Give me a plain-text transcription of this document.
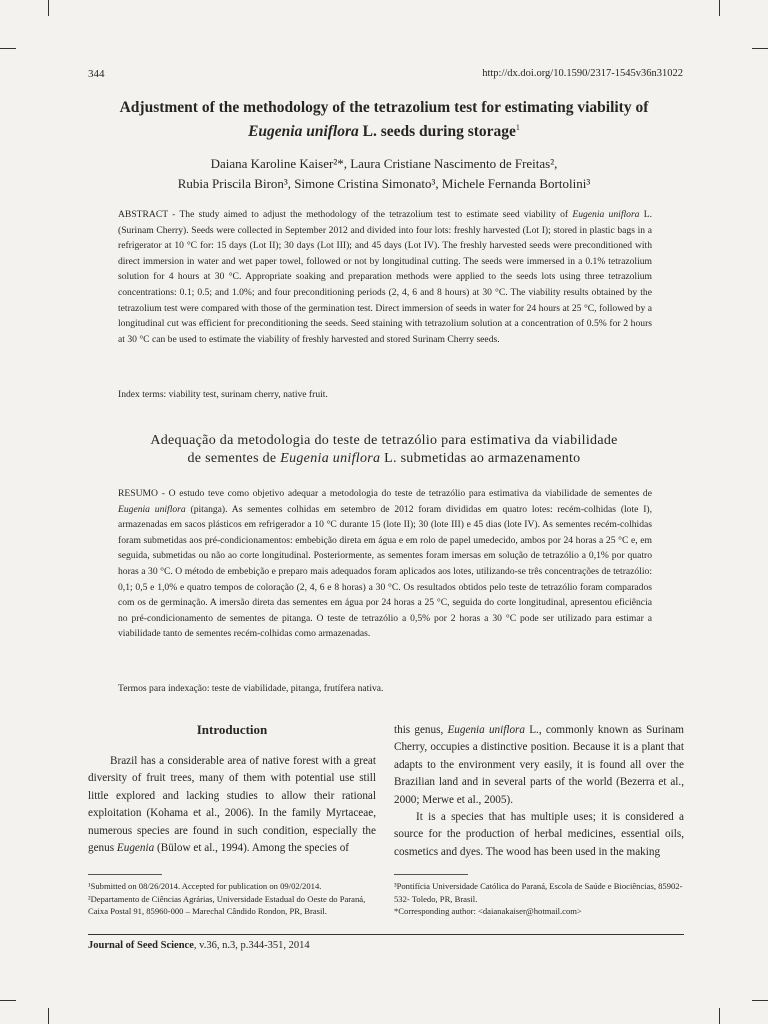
344	http://dx.doi.org/10.1590/2317-1545v36n31022
Adjustment of the methodology of the tetrazolium test for estimating viability of Eugenia uniflora L. seeds during storage$^1$
Daiana Karoline Kaiser²*, Laura Cristiane Nascimento de Freitas²,
Rubia Priscila Biron³, Simone Cristina Simonato³, Michele Fernanda Bortolini³
ABSTRACT - The study aimed to adjust the methodology of the tetrazolium test to estimate seed viability of Eugenia uniflora L. (Surinam Cherry). Seeds were collected in September 2012 and divided into four lots: freshly harvested (Lot I); stored in plastic bags in a refrigerator at 10 °C for: 15 days (Lot II); 30 days (Lot III); and 45 days (Lot IV). The freshly harvested seeds were preconditioned with direct immersion in water and wet paper towel, followed or not by longitudinal cutting. The seeds were immersed in a 0.1% tetrazolium solution for 4 hours at 30 °C. Appropriate soaking and preparation methods were applied to the seeds lots using three tetrazolium concentrations: 0.1; 0.5; and 1.0%; and four preconditioning periods (2, 4, 6 and 8 hours) at 30 °C. The viability results obtained by the tetrazolium test were compared with those of the germination test. Direct immersion of seeds in water for 24 hours at 25 °C, followed by a longitudinal cut was efficient for preconditioning the seeds. Seed staining with tetrazolium solution at a concentration of 0.5% for 2 hours at 30 °C can be used to estimate the viability of freshly harvested and stored Surinam Cherry seeds.
Index terms: viability test, surinam cherry, native fruit.
Adequação da metodologia do teste de tetrazólio para estimativa da viabilidade
de sementes de Eugenia uniflora L. submetidas ao armazenamento
RESUMO - O estudo teve como objetivo adequar a metodologia do teste de tetrazólio para estimativa da viabilidade de sementes de Eugenia uniflora (pitanga). As sementes colhidas em setembro de 2012 foram divididas em quatro lotes: recém-colhidas (lote I), armazenadas em sacos plásticos em refrigerador a 10 °C durante 15 (lote II); 30 (lote III) e 45 dias (lote IV). As sementes recém-colhidas foram submetidas aos pré-condicionamentos: embebição direta em água e em rolo de papel umedecido, ambos por 24 horas a 25 °C e, em seguida, submetidas ou não ao corte longitudinal. Posteriormente, as sementes foram imersas em solução de tetrazólio a 0,1% por quatro horas a 30 °C. O método de embebição e preparo mais adequados foram aplicados aos lotes, utilizando-se três concentrações de tetrazólio: 0,1; 0,5 e 1,0% e quatro tempos de coloração (2, 4, 6 e 8 horas) a 30 °C. Os resultados obtidos pelo teste de tetrazólio foram comparados com os de germinação. A imersão direta das sementes em água por 24 horas a 25 °C, seguida do corte longitudinal, apresentou eficiência no pré-condicionamento de sementes de pitanga. O teste de tetrazólio a 0,5% por 2 horas a 30 °C pode ser utilizado para estimar a viabilidade tanto de sementes recém-colhidas como armazenadas.
Termos para indexação: teste de viabilidade, pitanga, frutífera nativa.
Introduction
Brazil has a considerable area of native forest with a great diversity of fruit trees, many of them with potential use still little explored and lacking studies to allow their rational exploitation (Kohama et al., 2006). In the family Myrtaceae, numerous species are found in such condition, especially the genus Eugenia (Bülow et al., 1994). Among the species of

this genus, Eugenia uniflora L., commonly known as Surinam Cherry, occupies a distinctive position. Because it is a plant that adapts to the environment very easily, it is found all over the Brazilian land and in several parts of the world (Bezerra et al., 2000; Merwe et al., 2005).

It is a species that has multiple uses; it is considered a source for the production of herbal medicines, essential oils, cosmetics and dyes. The wood has been used in the making

¹Submitted on 08/26/2014. Accepted for publication on 09/02/2014.
²Departamento de Ciências Agrárias, Universidade Estadual do Oeste do Paraná, Caixa Postal 91, 85960-000 – Marechal Cândido Rondon, PR, Brasil.
³Pontifícia Universidade Católica do Paraná, Escola de Saúde e Biociências, 85902-532- Toledo, PR, Brasil.
*Corresponding author: <daianakaiser@hotmail.com>
Journal of Seed Science, v.36, n.3, p.344-351, 2014
